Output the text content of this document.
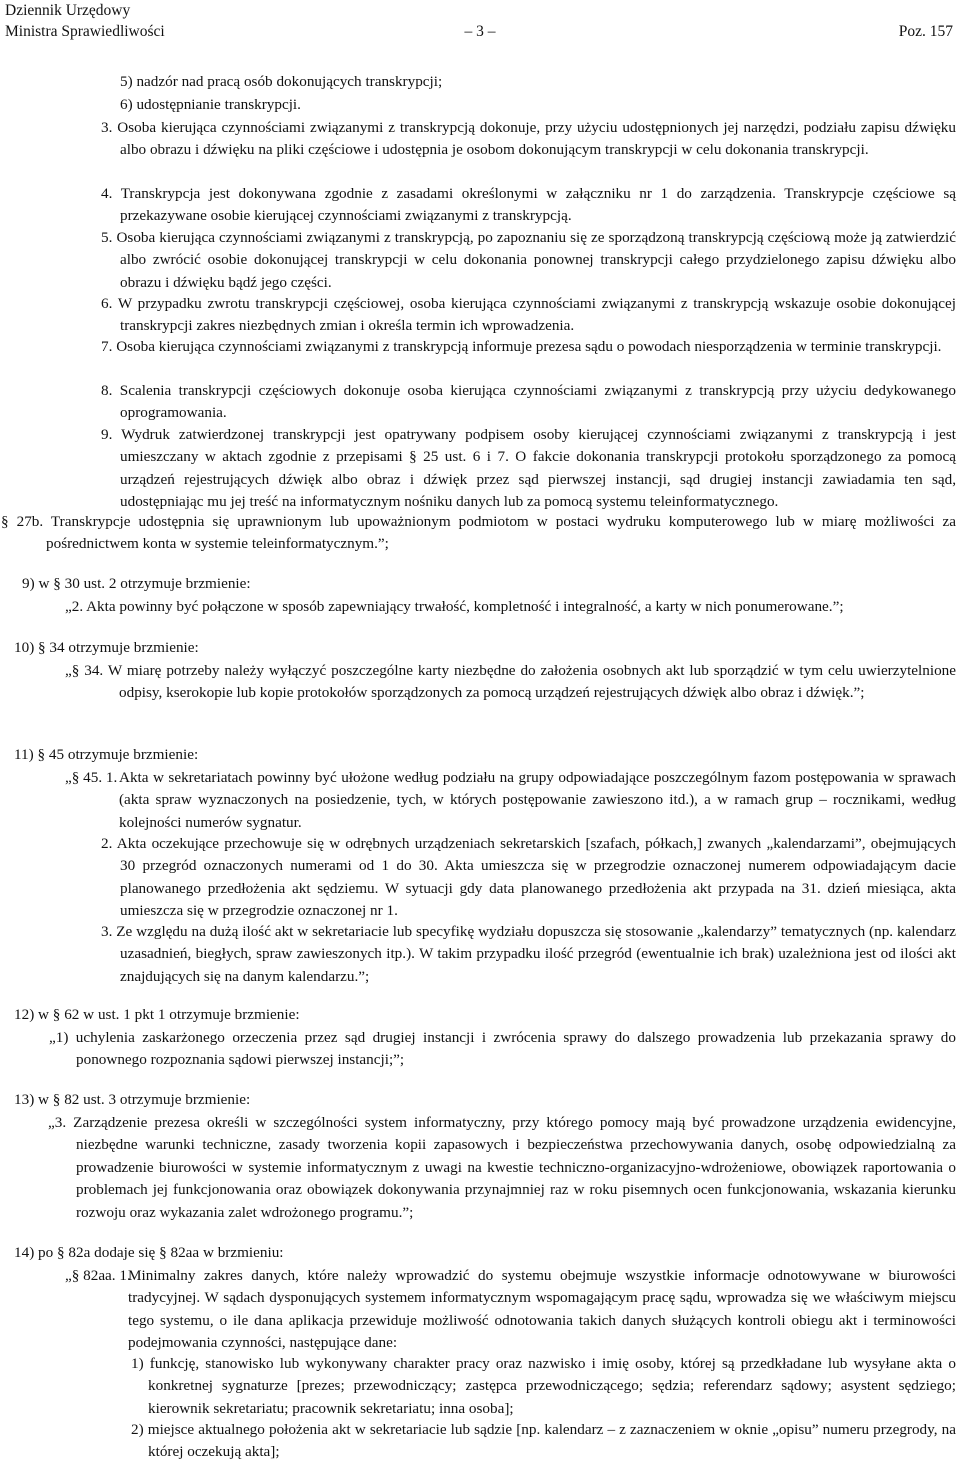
Dziennik Urzędowy
Ministra Sprawiedliwości	– 3 –	Poz. 157
5) nadzór nad pracą osób dokonujących transkrypcji;
6) udostępnianie transkrypcji.
3. Osoba kierująca czynnościami związanymi z transkrypcją dokonuje, przy użyciu udostępnionych jej narzędzi, podziału zapisu dźwięku albo obrazu i dźwięku na pliki częściowe i udostępnia je osobom dokonującym transkrypcji w celu dokonania transkrypcji.
4. Transkrypcja jest dokonywana zgodnie z zasadami określonymi w załączniku nr 1 do zarządzenia. Transkrypcje częściowe są przekazywane osobie kierującej czynnościami związanymi z transkrypcją.
5. Osoba kierująca czynnościami związanymi z transkrypcją, po zapoznaniu się ze sporządzoną transkrypcją częściową może ją zatwierdzić albo zwrócić osobie dokonującej transkrypcji w celu dokonania ponownej transkrypcji całego przydzielonego zapisu dźwięku albo obrazu i dźwięku bądź jego części.
6. W przypadku zwrotu transkrypcji częściowej, osoba kierująca czynnościami związanymi z transkrypcją wskazuje osobie dokonującej transkrypcji zakres niezbędnych zmian i określa termin ich wprowadzenia.
7. Osoba kierująca czynnościami związanymi z transkrypcją informuje prezesa sądu o powodach niesporządzenia w terminie transkrypcji.
8. Scalenia transkrypcji częściowych dokonuje osoba kierująca czynnościami związanymi z transkrypcją przy użyciu dedykowanego oprogramowania.
9. Wydruk zatwierdzonej transkrypcji jest opatrywany podpisem osoby kierującej czynnościami związanymi z transkrypcją i jest umieszczany w aktach zgodnie z przepisami § 25 ust. 6 i 7. O fakcie dokonania transkrypcji protokołu sporządzonego za pomocą urządzeń rejestrujących dźwięk albo obraz i dźwięk przez sąd pierwszej instancji, sąd drugiej instancji zawiadamia ten sąd, udostępniając mu jej treść na informatycznym nośniku danych lub za pomocą systemu teleinformatycznego.
§ 27b. Transkrypcje udostępnia się uprawnionym lub upoważnionym podmiotom w postaci wydruku komputerowego lub w miarę możliwości za pośrednictwem konta w systemie teleinformatycznym.”;
9) w § 30 ust. 2 otrzymuje brzmienie:
„2. Akta powinny być połączone w sposób zapewniający trwałość, kompletność i integralność, a karty w nich ponumerowane.”;
10) § 34 otrzymuje brzmienie:
„§ 34. W miarę potrzeby należy wyłączyć poszczególne karty niezbędne do założenia osobnych akt lub sporządzić w tym celu uwierzytelnione odpisy, kserokopie lub kopie protokołów sporządzonych za pomocą urządzeń rejestrujących dźwięk albo obraz i dźwięk.”;
11) § 45 otrzymuje brzmienie:
„§ 45. 1. Akta w sekretariatach powinny być ułożone według podziału na grupy odpowiadające poszczególnym fazom postępowania w sprawach (akta spraw wyznaczonych na posiedzenie, tych, w których postępowanie zawieszono itd.), a w ramach grup – rocznikami, według kolejności numerów sygnatur.
2. Akta oczekujące przechowuje się w odrębnych urządzeniach sekretarskich [szafach, półkach,] zwanych „kalendarzami”, obejmujących 30 przegród oznaczonych numerami od 1 do 30. Akta umieszcza się w przegrodzie oznaczonej numerem odpowiadającym dacie planowanego przedłożenia akt sędziemu. W sytuacji gdy data planowanego przedłożenia akt przypada na 31. dzień miesiąca, akta umieszcza się w przegrodzie oznaczonej nr 1.
3. Ze względu na dużą ilość akt w sekretariacie lub specyfikę wydziału dopuszcza się stosowanie „kalendarzy” tematycznych (np. kalendarz uzasadnień, biegłych, spraw zawieszonych itp.). W takim przypadku ilość przegród (ewentualnie ich brak) uzależniona jest od ilości akt znajdujących się na danym kalendarzu.”;
12) w § 62 w ust. 1 pkt 1 otrzymuje brzmienie:
„1) uchylenia zaskarżonego orzeczenia przez sąd drugiej instancji i zwrócenia sprawy do dalszego prowadzenia lub przekazania sprawy do ponownego rozpoznania sądowi pierwszej instancji;”;
13) w § 82 ust. 3 otrzymuje brzmienie:
„3. Zarządzenie prezesa określi w szczególności system informatyczny, przy którego pomocy mają być prowadzone urządzenia ewidencyjne, niezbędne warunki techniczne, zasady tworzenia kopii zapasowych i bezpieczeństwa przechowywania danych, osobę odpowiedzialną za prowadzenie biurowości w systemie informatycznym z uwagi na kwestie techniczno-organizacyjno-wdrożeniowe, obowiązek raportowania o problemach jej funkcjonowania oraz obowiązek dokonywania przynajmniej raz w roku pisemnych ocen funkcjonowania, wskazania kierunku rozwoju oraz wykazania zalet wdrożonego programu.”;
14) po § 82a dodaje się § 82aa w brzmieniu:
„§ 82aa. 1.
Minimalny zakres danych, które należy wprowadzić do systemu obejmuje wszystkie informacje odnotowywane w biurowości tradycyjnej. W sądach dysponujących systemem informatycznym wspomagającym pracę sądu, wprowadza się we właściwym miejscu tego systemu, o ile dana aplikacja przewiduje możliwość odnotowania takich danych służących kontroli obiegu akt i terminowości podejmowania czynności, następujące dane:
1) funkcję, stanowisko lub wykonywany charakter pracy oraz nazwisko i imię osoby, której są przedkładane lub wysyłane akta o konkretnej sygnaturze [prezes; przewodniczący; zastępca przewodniczącego; sędzia; referendarz sądowy; asystent sędziego; kierownik sekretariatu; pracownik sekretariatu; inna osoba];
2) miejsce aktualnego położenia akt w sekretariacie lub sądzie [np. kalendarz – z zaznaczeniem w oknie „opisu” numeru przegrody, na której oczekują akta];
